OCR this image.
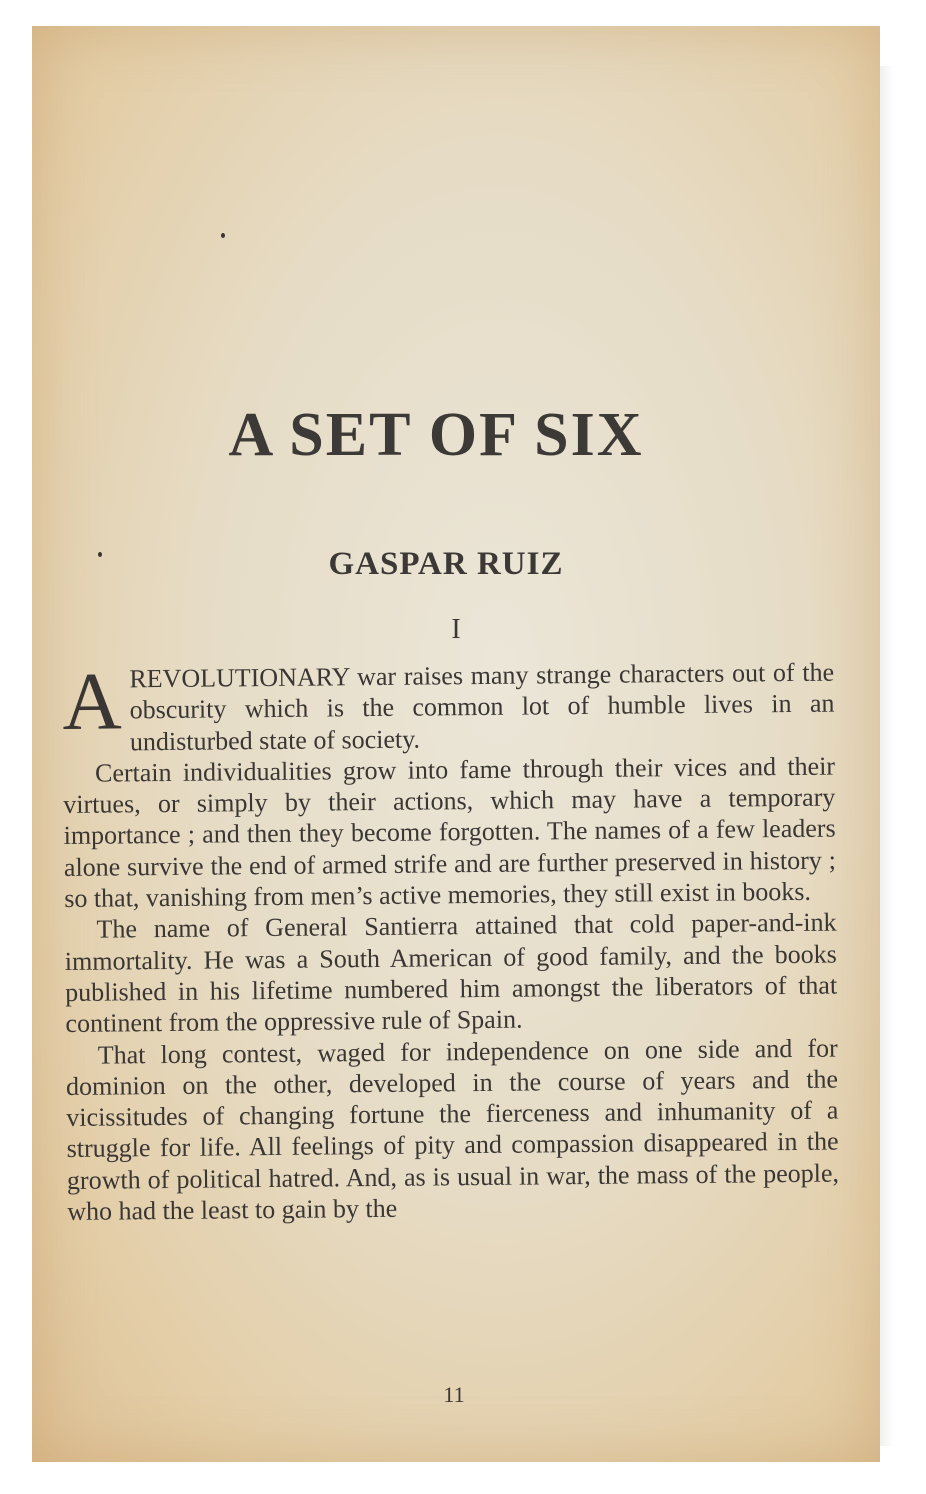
A SET OF SIX
GASPAR RUIZ
I

AREVOLUTIONARY war raises many strange characters out of the obscurity which is the common lot of humble lives in an undisturbed state of society.

Certain individualities grow into fame through their vices and their virtues, or simply by their actions, which may have a temporary importance ; and then they become forgotten. The names of a few leaders alone survive the end of armed strife and are further preserved in history ; so that, vanishing from men’s active memories, they still exist in books.

The name of General Santierra attained that cold paper-and-ink immortality. He was a South American of good family, and the books published in his lifetime numbered him amongst the liberators of that continent from the oppressive rule of Spain.

That long contest, waged for independence on one side and for dominion on the other, developed in the course of years and the vicissitudes of changing fortune the fierceness and inhumanity of a struggle for life. All feelings of pity and compassion disappeared in the growth of political hatred. And, as is usual in war, the mass of the people, who had the least to gain by the

11
